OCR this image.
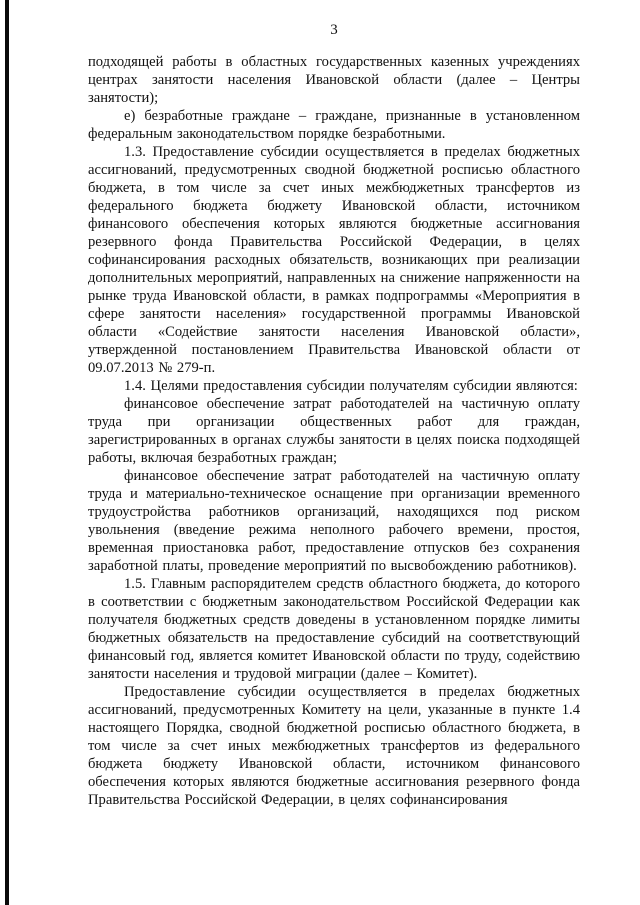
3

подходящей работы в областных государственных казенных учреждениях центрах занятости населения Ивановской области (далее – Центры занятости);

е) безработные граждане – граждане, признанные в установленном федеральным законодательством порядке безработными.

1.3. Предоставление субсидии осуществляется в пределах бюджетных ассигнований, предусмотренных сводной бюджетной росписью областного бюджета, в том числе за счет иных межбюджетных трансфертов из федерального бюджета бюджету Ивановской области, источником финансового обеспечения которых являются бюджетные ассигнования резервного фонда Правительства Российской Федерации, в целях софинансирования расходных обязательств, возникающих при реализации дополнительных мероприятий, направленных на снижение напряженности на рынке труда Ивановской области, в рамках подпрограммы «Мероприятия в сфере занятости населения» государственной программы Ивановской области «Содействие занятости населения Ивановской области», утвержденной постановлением Правительства Ивановской области от 09.07.2013 № 279-п.

1.4. Целями предоставления субсидии получателям субсидии являются:

финансовое обеспечение затрат работодателей на частичную оплату труда при организации общественных работ для граждан, зарегистрированных в органах службы занятости в целях поиска подходящей работы, включая безработных граждан;

финансовое обеспечение затрат работодателей на частичную оплату труда и материально-техническое оснащение при организации временного трудоустройства работников организаций, находящихся под риском увольнения (введение режима неполного рабочего времени, простоя, временная приостановка работ, предоставление отпусков без сохранения заработной платы, проведение мероприятий по высвобождению работников).

1.5. Главным распорядителем средств областного бюджета, до которого в соответствии с бюджетным законодательством Российской Федерации как получателя бюджетных средств доведены в установленном порядке лимиты бюджетных обязательств на предоставление субсидий на соответствующий финансовый год, является комитет Ивановской области по труду, содействию занятости населения и трудовой миграции (далее – Комитет).

Предоставление субсидии осуществляется в пределах бюджетных ассигнований, предусмотренных Комитету на цели, указанные в пункте 1.4 настоящего Порядка, сводной бюджетной росписью областного бюджета, в том числе за счет иных межбюджетных трансфертов из федерального бюджета бюджету Ивановской области, источником финансового обеспечения которых являются бюджетные ассигнования резервного фонда Правительства Российской Федерации, в целях софинансирования
